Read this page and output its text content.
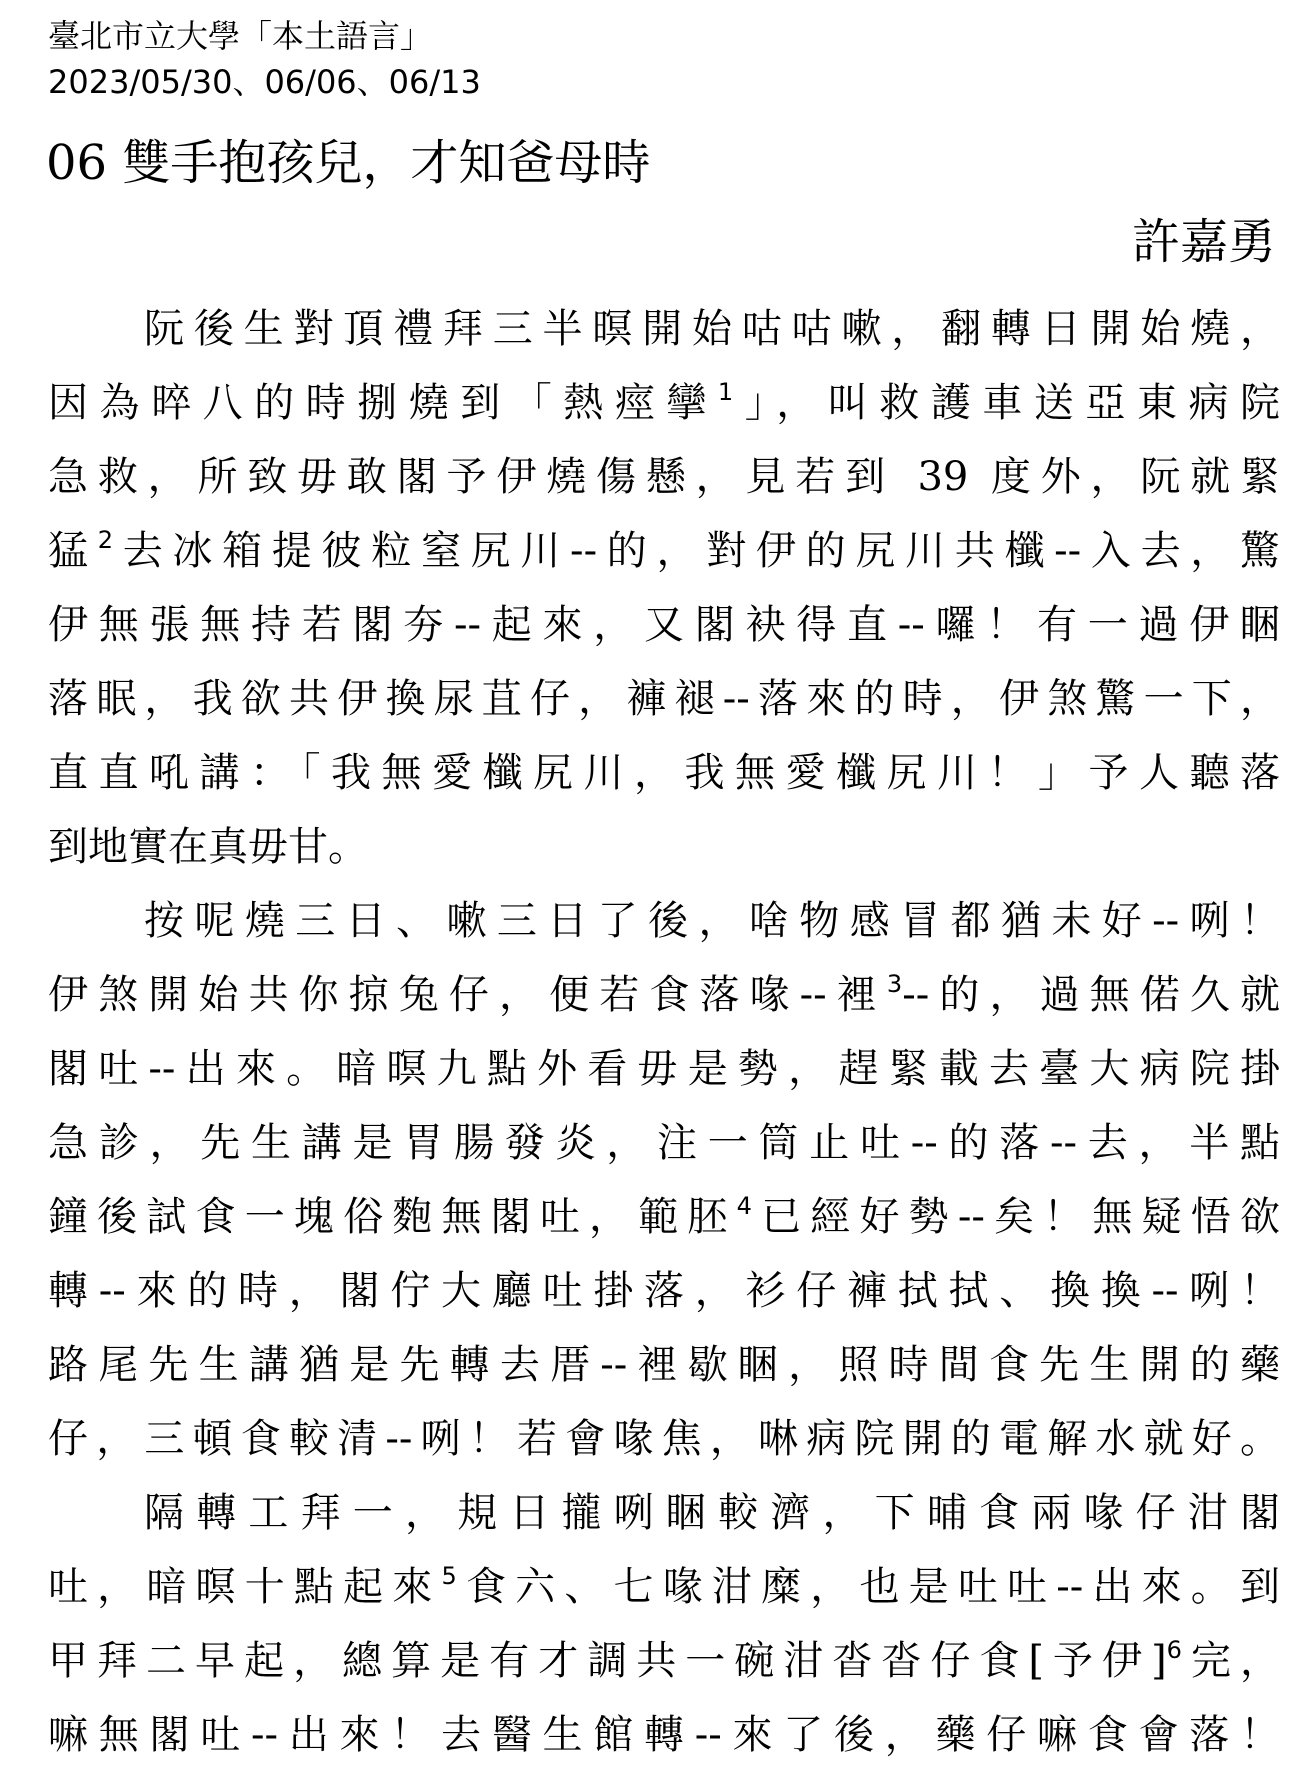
臺北市立大學「本土語言」
2023/05/30、06/06、06/13
06 雙手抱孩兒，才知爸母時
許嘉勇
阮後生對頂禮拜三半暝開始咕咕嗽，翻轉日開始燒，
因為晬八的時捌燒到「熱痙攣$^1$」，叫救護車送亞東病院
急救，所致毋敢閣予伊燒傷懸，見若到 39 度外，阮就緊
猛$^2$去冰箱提彼粒窒尻川--的，對伊的尻川共櫼--入去，驚
伊無張無持若閣夯--起來，又閣袂得直--囉！有一過伊睏
落眠，我欲共伊換尿苴仔，褲褪--落來的時，伊煞驚一下，
直直吼講：「我無愛櫼尻川，我無愛櫼尻川！」予人聽落
到地實在真毋甘。
按呢燒三日、嗽三日了後，啥物感冒都猶未好--咧！
伊煞開始共你掠兔仔，便若食落喙--裡$^3$--的，過無偌久就
閣吐--出來。暗暝九點外看毋是勢，趕緊載去臺大病院掛
急診，先生講是胃腸發炎，注一筒止吐--的落--去，半點
鐘後試食一塊俗麭無閣吐，範胚$^4$已經好勢--矣！無疑悟欲
轉--來的時，閣佇大廳吐掛落，衫仔褲拭拭、換換--咧！
路尾先生講猶是先轉去厝--裡歇睏，照時間食先生開的藥
仔，三頓食較清--咧！若會喙焦，啉病院開的電解水就好。
隔轉工拜一，規日攏咧睏較濟，下晡食兩喙仔泔閣
吐，暗暝十點起來$^5$食六、七喙泔糜，也是吐吐--出來。到
甲拜二早起，總算是有才調共一碗泔沓沓仔食[予伊]$^6$完，
嘛無閣吐--出來！去醫生館轉--來了後，藥仔嘛食會落！
